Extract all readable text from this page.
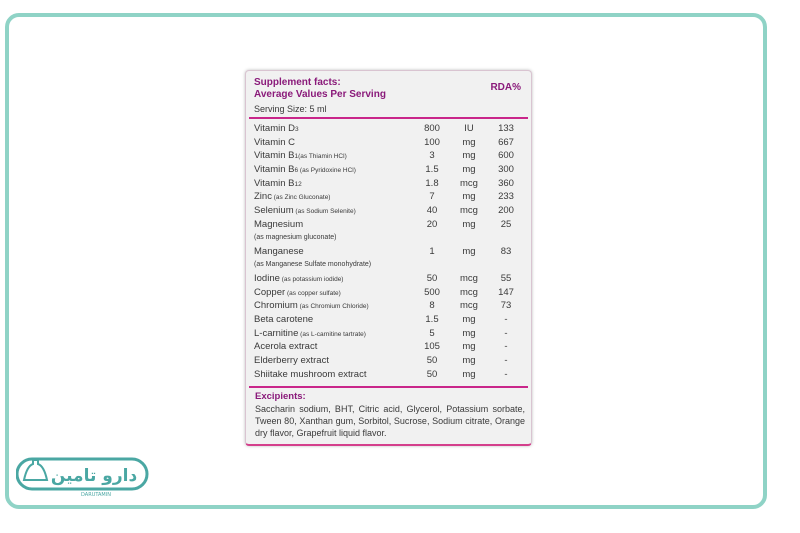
Supplement facts:
Average Values Per Serving
RDA%
Serving Size: 5 ml
Vitamin D3	800	IU	133
Vitamin C	100	mg	667
Vitamin B1(as Thiamin HCl)	3	mg	600
Vitamin B6 (as Pyridoxine HCl)	1.5	mg	300
Vitamin B12	1.8	mcg	360
Zinc (as Zinc Gluconate)	7	mg	233
Selenium (as Sodium Selenite)	40	mcg	200
Magnesium
(as magnesium gluconate)
20	mg	25
Manganese
(as Manganese Sulfate monohydrate)
1	mg	83
Iodine (as potassium iodide)	50	mcg	55
Copper (as copper sulfate)	500	mcg	147
Chromium (as Chromium Chloride)	8	mcg	73
Beta carotene	1.5	mg	-
L-carnitine (as L-carnitine tartrate)	5	mg	-
Acerola extract	105	mg	-
Elderberry extract	50	mg	-
Shiitake mushroom extract	50	mg	-
Excipients:
Saccharin sodium, BHT, Citric acid, Glycerol, Potassium sorbate, Tween 80, Xanthan gum, Sorbitol, Sucrose, Sodium citrate, Orange dry flavor, Grapefruit liquid flavor.
دارو تامين
DARUTAMIN
